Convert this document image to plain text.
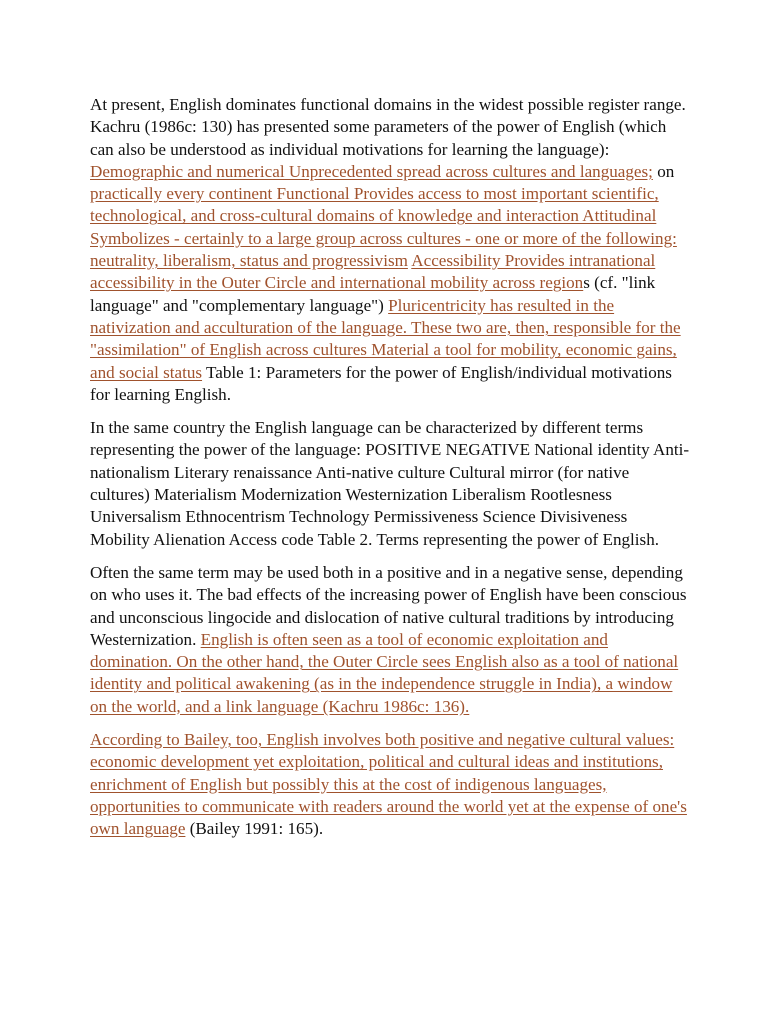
At present, English dominates functional domains in the widest possible register range. Kachru (1986c: 130) has presented some parameters of the power of English (which can also be understood as individual motivations for learning the language): Demographic and numerical Unprecedented spread across cultures and languages; on practically every continent Functional Provides access to most important scientific, technological, and cross-cultural domains of knowledge and interaction Attitudinal Symbolizes - certainly to a large group across cultures - one or more of the following: neutrality, liberalism, status and progressivism Accessibility Provides intranational accessibility in the Outer Circle and international mobility across regions (cf. "link language" and "complementary language") Pluricentricity has resulted in the nativization and acculturation of the language. These two are, then, responsible for the "assimilation" of English across cultures Material a tool for mobility, economic gains, and social status Table 1: Parameters for the power of English/individual motivations for learning English.

In the same country the English language can be characterized by different terms representing the power of the language: POSITIVE NEGATIVE National identity Anti-nationalism Literary renaissance Anti-native culture Cultural mirror (for native cultures) Materialism Modernization Westernization Liberalism Rootlesness Universalism Ethnocentrism Technology Permissiveness Science Divisiveness Mobility Alienation Access code Table 2. Terms representing the power of English.

Often the same term may be used both in a positive and in a negative sense, depending on who uses it. The bad effects of the increasing power of English have been conscious and unconscious lingocide and dislocation of native cultural traditions by introducing Westernization. English is often seen as a tool of economic exploitation and domination. On the other hand, the Outer Circle sees English also as a tool of national identity and political awakening (as in the independence struggle in India), a window on the world, and a link language (Kachru 1986c: 136).

According to Bailey, too, English involves both positive and negative cultural values: economic development yet exploitation, political and cultural ideas and institutions, enrichment of English but possibly this at the cost of indigenous languages, opportunities to communicate with readers around the world yet at the expense of one's own language (Bailey 1991: 165).
